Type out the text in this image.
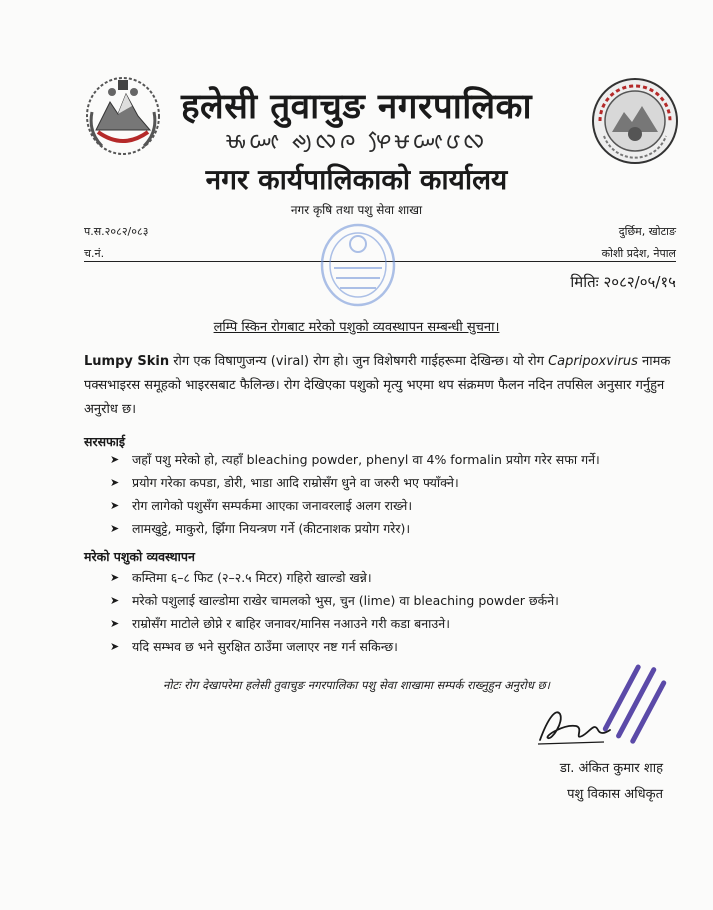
हलेसी तुवाचुङ नगरपालिका
ᰝᰤᰠᰦ ᰊᰪᰜᰍ ᰋᰧᰝᰠᰦᰂᰜ
नगर कार्यपालिकाको कार्यालय
नगर कृषि तथा पशु सेवा शाखा
प.स.२०८२/०८३
च.नं.
दुर्छिम, खोटाङ
कोशी प्रदेश, नेपाल
मितिः २०८२/०५/१५
लम्पि स्किन रोगबाट मरेको पशुको व्यवस्थापन सम्बन्धी सुचना।
Lumpy Skin रोग एक विषाणुजन्य (viral) रोग हो। जुन विशेषगरी गाईहरूमा देखिन्छ। यो रोग Capripoxvirus नामक पक्सभाइरस समूहको भाइरसबाट फैलिन्छ। रोग देखिएका पशुको मृत्यु भएमा थप संक्रमण फैलन नदिन तपसिल अनुसार गर्नुहुन अनुरोध छ।
सरसफाई
➤ जहाँ पशु मरेको हो, त्यहाँ bleaching powder, phenyl वा 4% formalin प्रयोग गरेर सफा गर्ने।
➤ प्रयोग गरेका कपडा, डोरी, भाडा आदि राम्रोसँग धुने वा जरुरी भए फ्याँक्ने।
➤ रोग लागेको पशुसँग सम्पर्कमा आएका जनावरलाई अलग राख्ने।
➤ लामखुट्टे, माकुरो, झिँगा नियन्त्रण गर्ने (कीटनाशक प्रयोग गरेर)।
मरेको पशुको व्यवस्थापन
➤ कम्तिमा ६–८ फिट (२–२.५ मिटर) गहिरो खाल्डो खन्ने।
➤ मरेको पशुलाई खाल्डोमा राखेर चामलको भुस, चुन (lime) वा bleaching powder छर्कने।
➤ राम्रोसँग माटोले छोप्ने र बाहिर जनावर/मानिस नआउने गरी कडा बनाउने।
➤ यदि सम्भव छ भने सुरक्षित ठाउँमा जलाएर नष्ट गर्न सकिन्छ।
नोटः रोग देखापरेमा हलेसी तुवाचुङ नगरपालिका पशु सेवा शाखामा सम्पर्क राख्नुहुन अनुरोध छ।
डा. अंकित कुमार शाह
पशु विकास अधिकृत
